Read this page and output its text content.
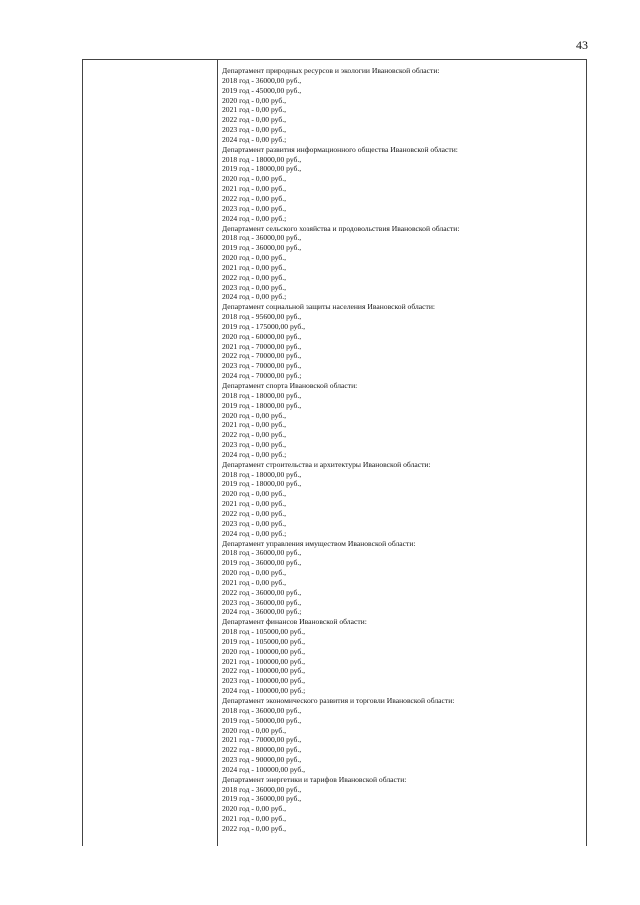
43
Департамент природных ресурсов и экологии Ивановской области:
2018 год - 36000,00 руб.,
2019 год - 45000,00 руб.,
2020 год - 0,00 руб.,
2021 год - 0,00 руб.,
2022 год - 0,00 руб.,
2023 год - 0,00 руб.,
2024 год - 0,00 руб.;
Департамент развития информационного общества Ивановской области:
2018 год - 18000,00 руб.,
2019 год - 18000,00 руб.,
2020 год - 0,00 руб.,
2021 год - 0,00 руб.,
2022 год - 0,00 руб.,
2023 год - 0,00 руб.,
2024 год - 0,00 руб.;
Департамент сельского хозяйства и продовольствия Ивановской области:
2018 год - 36000,00 руб.,
2019 год - 36000,00 руб.,
2020 год - 0,00 руб.,
2021 год - 0,00 руб.,
2022 год - 0,00 руб.,
2023 год - 0,00 руб.,
2024 год - 0,00 руб.;
Департамент социальной защиты населения Ивановской области:
2018 год - 95600,00 руб.,
2019 год - 175000,00 руб.,
2020 год - 60000,00 руб.,
2021 год - 70000,00 руб.,
2022 год - 70000,00 руб.,
2023 год - 70000,00 руб.,
2024 год - 70000,00 руб.;
Департамент спорта Ивановской области:
2018 год - 18000,00 руб.,
2019 год - 18000,00 руб.,
2020 год - 0,00 руб.,
2021 год - 0,00 руб.,
2022 год - 0,00 руб.,
2023 год - 0,00 руб.,
2024 год - 0,00 руб.;
Департамент строительства и архитектуры Ивановской области:
2018 год - 18000,00 руб.,
2019 год - 18000,00 руб.,
2020 год - 0,00 руб.,
2021 год - 0,00 руб.,
2022 год - 0,00 руб.,
2023 год - 0,00 руб.,
2024 год - 0,00 руб.;
Департамент управления имуществом Ивановской области:
2018 год - 36000,00 руб.,
2019 год - 36000,00 руб.,
2020 год - 0,00 руб.,
2021 год - 0,00 руб.,
2022 год - 36000,00 руб.,
2023 год - 36000,00 руб.,
2024 год - 36000,00 руб.;
Департамент финансов Ивановской области:
2018 год - 105000,00 руб.,
2019 год - 105000,00 руб.,
2020 год - 100000,00 руб.,
2021 год - 100000,00 руб.,
2022 год - 100000,00 руб.,
2023 год - 100000,00 руб.,
2024 год - 100000,00 руб.;
Департамент экономического развития и торговли Ивановской области:
2018 год - 36000,00 руб.,
2019 год - 50000,00 руб.,
2020 год - 0,00 руб.,
2021 год - 70000,00 руб.,
2022 год - 80000,00 руб.,
2023 год - 90000,00 руб.,
2024 год - 100000,00 руб.,
Департамент энергетики и тарифов Ивановской области:
2018 год - 36000,00 руб.,
2019 год - 36000,00 руб.,
2020 год - 0,00 руб.,
2021 год - 0,00 руб.,
2022 год - 0,00 руб.,
